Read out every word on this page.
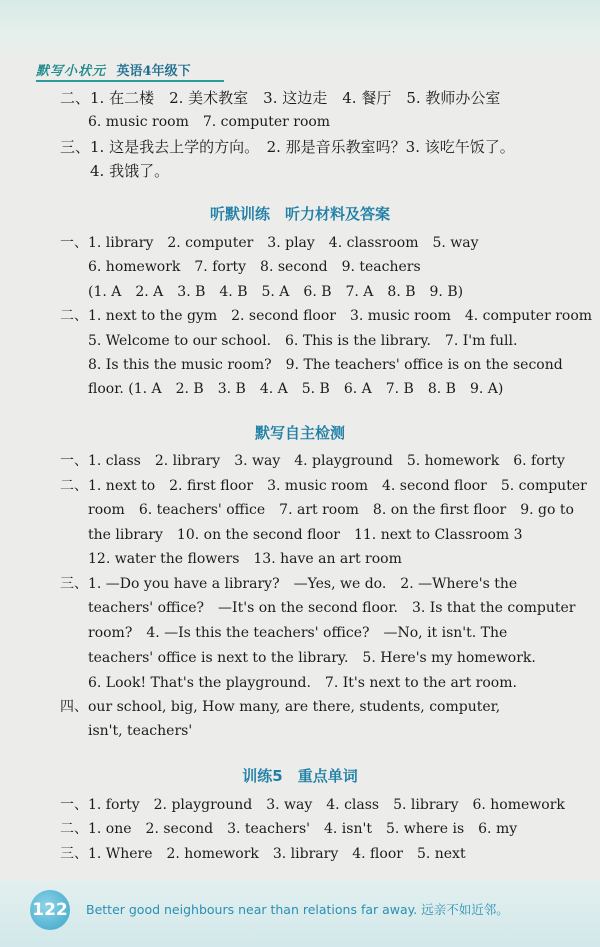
默写小状元 英语4年级下
二、1. 在二楼　2. 美术教室　3. 这边走　4. 餐厅　5. 教师办公室
　　6. music room　7. computer room
三、1. 这是我去上学的方向。　2. 那是音乐教室吗？3. 该吃午饭了。
　　4. 我饿了。
听默训练　听力材料及答案
一、1. library　2. computer　3. play　4. classroom　5. way
　　6. homework　7. forty　8. second　9. teachers
　　(1. A　2. A　3. B　4. B　5. A　6. B　7. A　8. B　9. B)
二、1. next to the gym　2. second floor　3. music room　4. computer room
　　5. Welcome to our school.　6. This is the library.　7. I'm full.
　　8. Is this the music room?　9. The teachers' office is on the second
　　floor. (1. A　2. B　3. B　4. A　5. B　6. A　7. B　8. B　9. A)
默写自主检测
一、1. class　2. library　3. way　4. playground　5. homework　6. forty
二、1. next to　2. first floor　3. music room　4. second floor　5. computer
　　room　6. teachers' office　7. art room　8. on the first floor　9. go to
　　the library　10. on the second floor　11. next to Classroom 3
　　12. water the flowers　13. have an art room
三、1. —Do you have a library?　—Yes, we do.　2. —Where's the
　　teachers' office?　—It's on the second floor.　3. Is that the computer
　　room?　4. —Is this the teachers' office?　—No, it isn't. The
　　teachers' office is next to the library.　5. Here's my homework.
　　6. Look! That's the playground.　7. It's next to the art room.
四、our school, big, How many, are there, students, computer,
　　isn't, teachers'
训练5　重点单词
一、1. forty　2. playground　3. way　4. class　5. library　6. homework
二、1. one　2. second　3. teachers'　4. isn't　5. where is　6. my
三、1. Where　2. homework　3. library　4. floor　5. next
122 Better good neighbours near than relations far away. 远亲不如近邻。
